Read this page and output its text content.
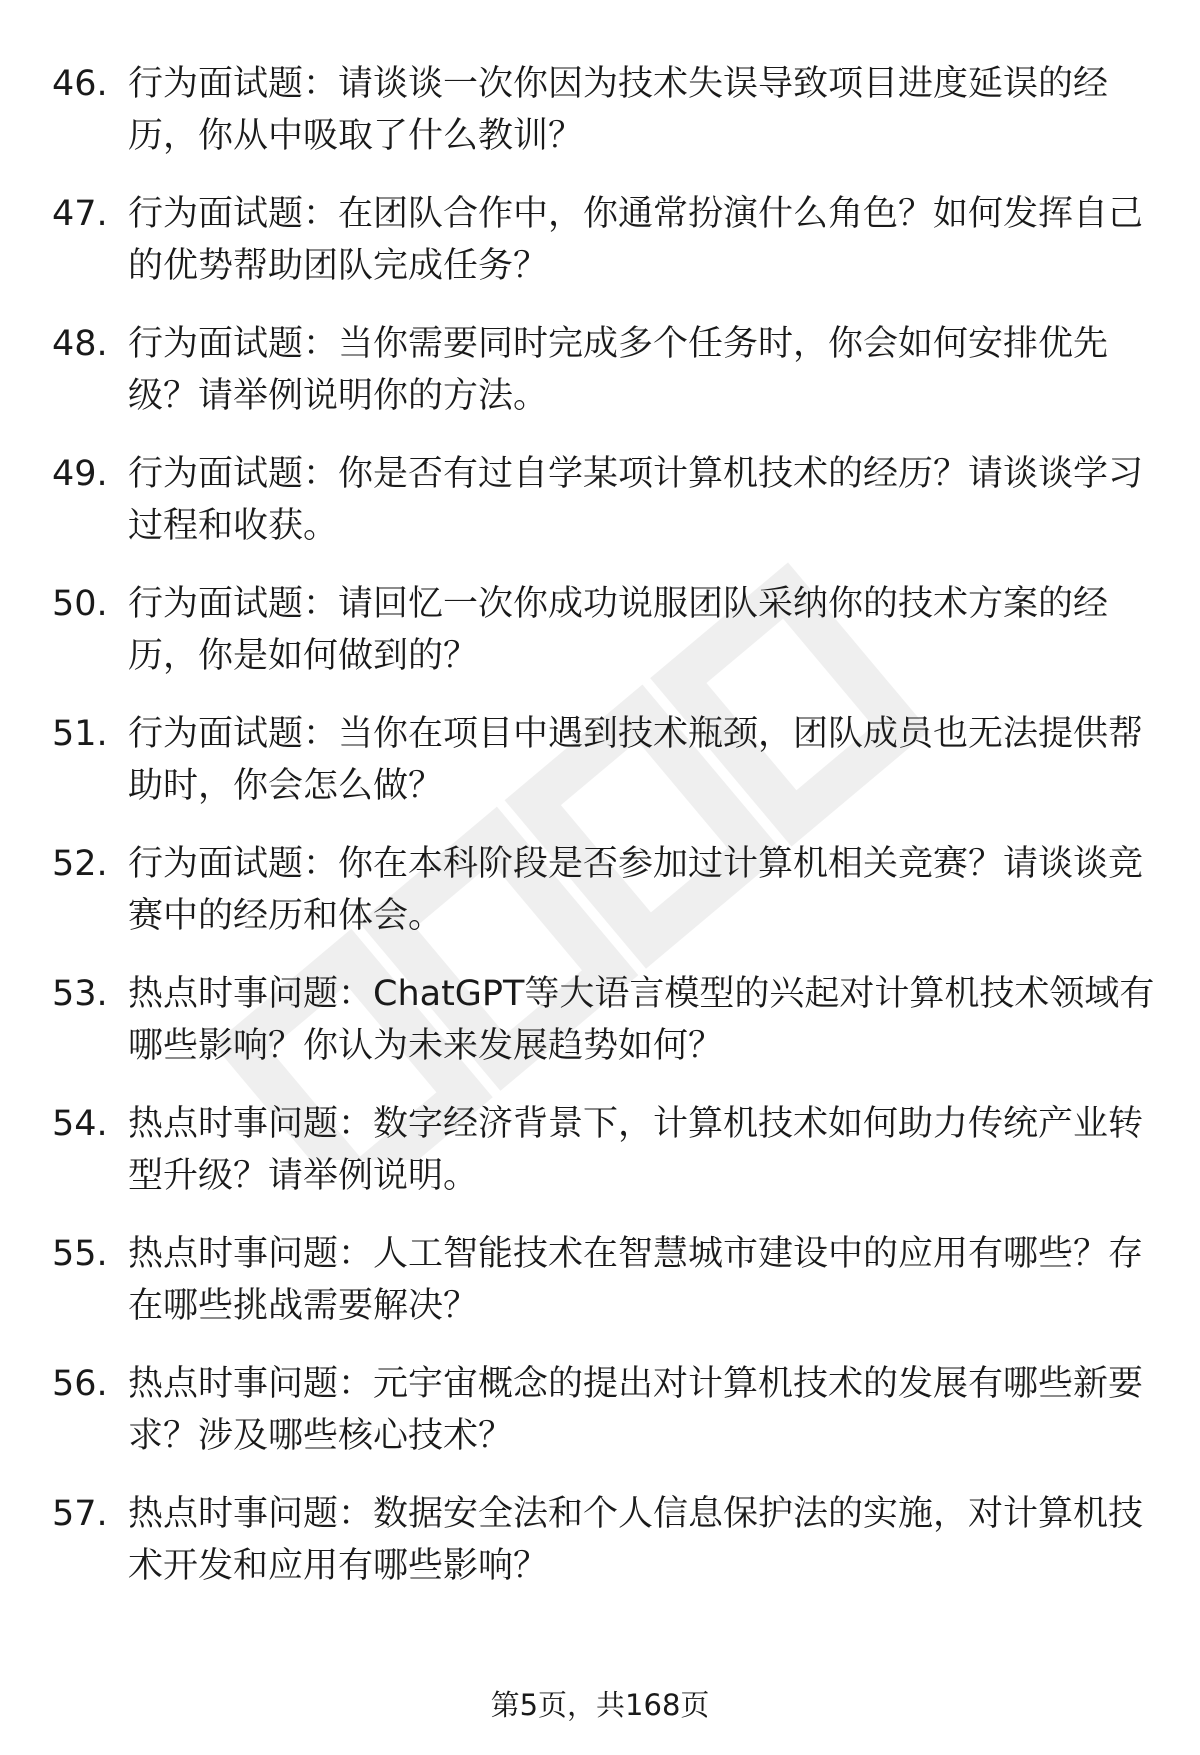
46. 行为面试题：请谈谈一次你因为技术失误导致项目进度延误的经历，你从中吸取了什么教训？
47. 行为面试题：在团队合作中，你通常扮演什么角色？如何发挥自己的优势帮助团队完成任务？
48. 行为面试题：当你需要同时完成多个任务时，你会如何安排优先级？请举例说明你的方法。
49. 行为面试题：你是否有过自学某项计算机技术的经历？请谈谈学习过程和收获。
50. 行为面试题：请回忆一次你成功说服团队采纳你的技术方案的经历，你是如何做到的？
51. 行为面试题：当你在项目中遇到技术瓶颈，团队成员也无法提供帮助时，你会怎么做？
52. 行为面试题：你在本科阶段是否参加过计算机相关竞赛？请谈谈竞赛中的经历和体会。
53. 热点时事问题：ChatGPT等大语言模型的兴起对计算机技术领域有哪些影响？你认为未来发展趋势如何？
54. 热点时事问题：数字经济背景下，计算机技术如何助力传统产业转型升级？请举例说明。
55. 热点时事问题：人工智能技术在智慧城市建设中的应用有哪些？存在哪些挑战需要解决？
56. 热点时事问题：元宇宙概念的提出对计算机技术的发展有哪些新要求？涉及哪些核心技术？
57. 热点时事问题：数据安全法和个人信息保护法的实施，对计算机技术开发和应用有哪些影响？
第5页，共168页
